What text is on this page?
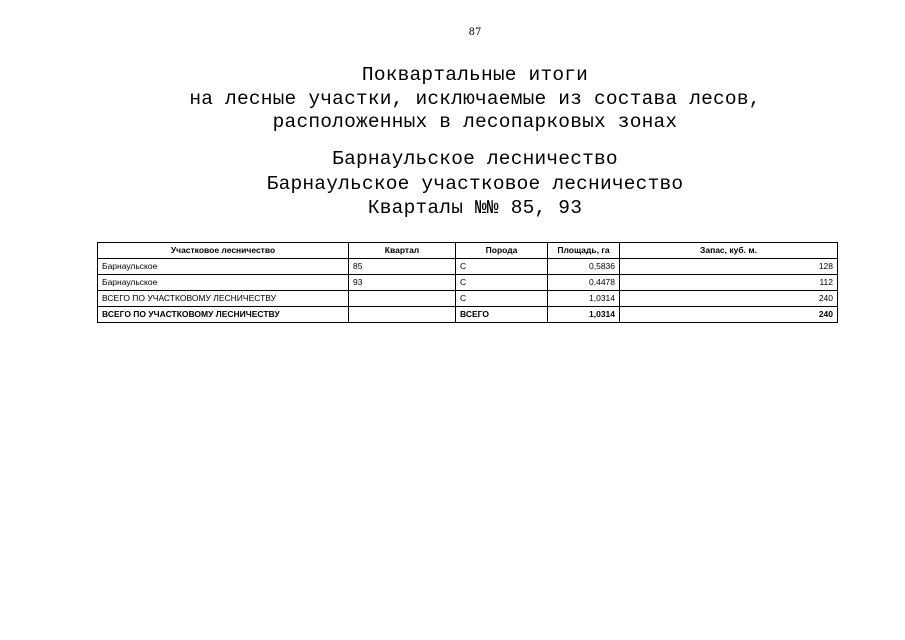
87
Поквартальные итоги
на лесные участки, исключаемые из состава лесов,
расположенных в лесопарковых зонах
Барнаульское лесничество
Барнаульское участковое лесничество
Кварталы №№ 85, 93
Участковое лесничество	Квартал	Порода	Площадь, га	Запас, куб. м.
Барнаульское	85	С	0,5836	128
Барнаульское	93	С	0,4478	112
ВСЕГО ПО УЧАСТКОВОМУ ЛЕСНИЧЕСТВУ		С	1,0314	240
ВСЕГО ПО УЧАСТКОВОМУ ЛЕСНИЧЕСТВУ		ВСЕГО	1,0314	240
